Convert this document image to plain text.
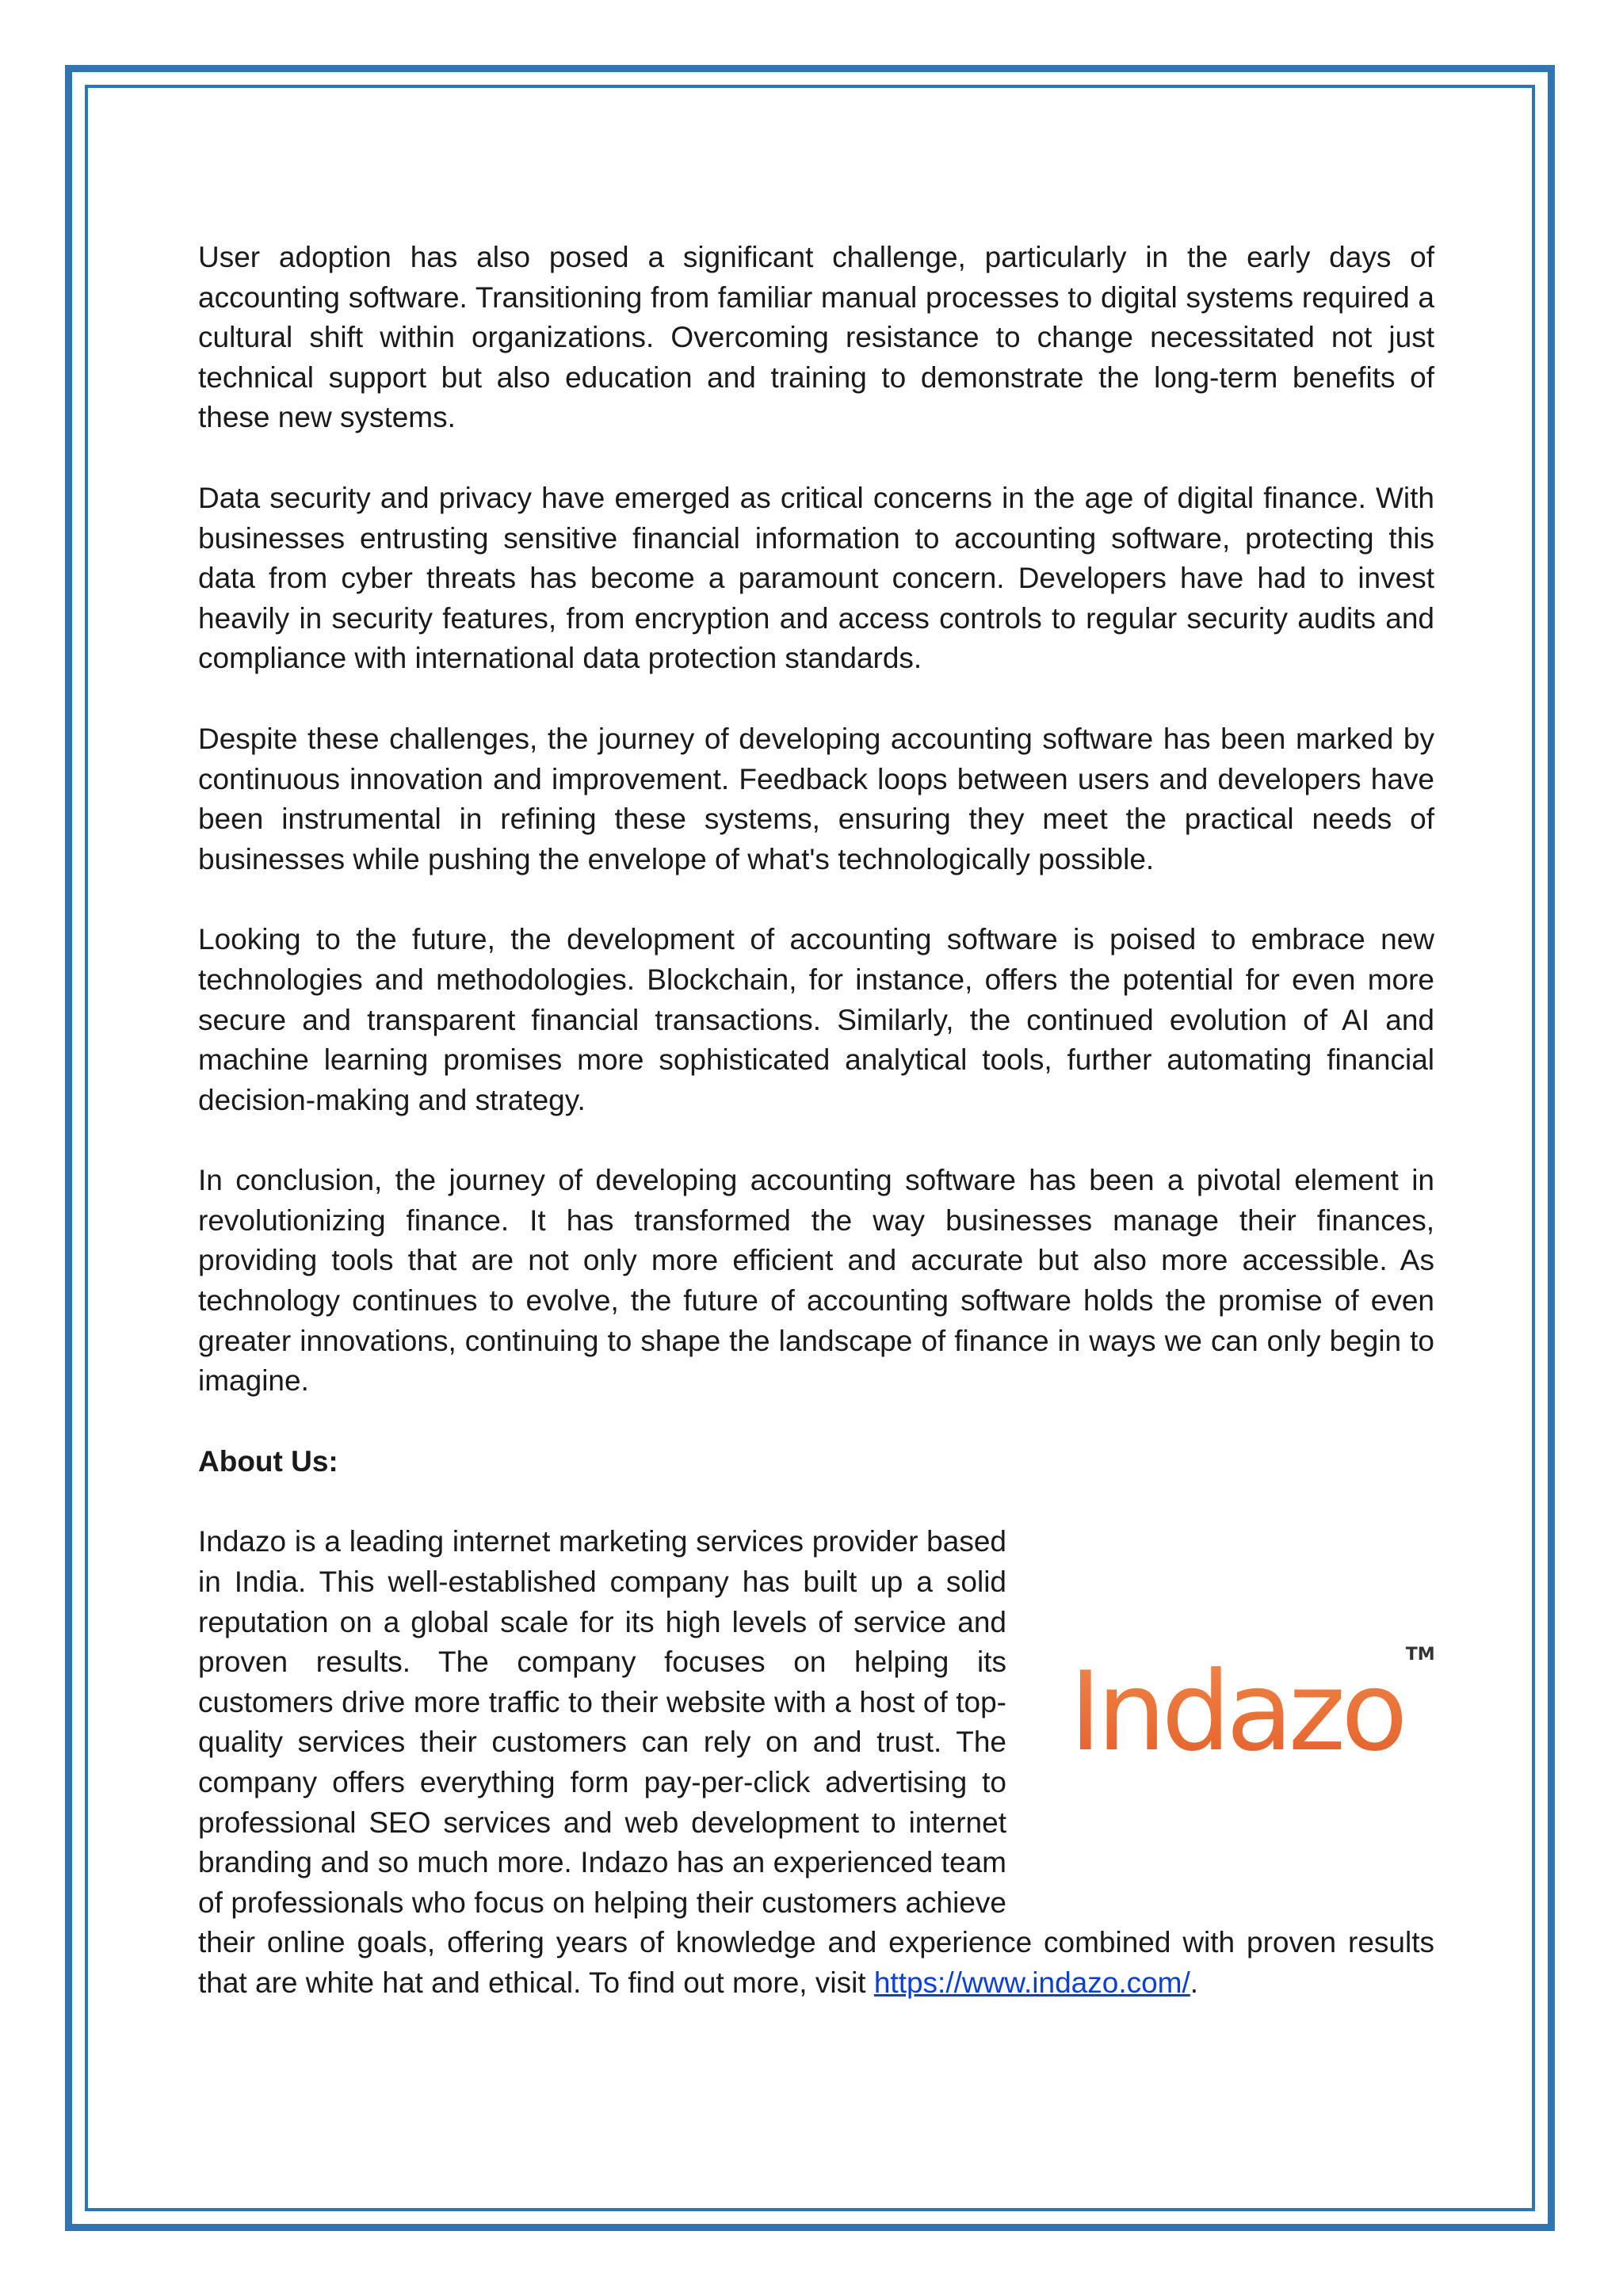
User adoption has also posed a significant challenge, particularly in the early days of accounting software. Transitioning from familiar manual processes to digital systems required a cultural shift within organizations. Overcoming resistance to change necessitated not just technical support but also education and training to demonstrate the long-term benefits of these new systems.

Data security and privacy have emerged as critical concerns in the age of digital finance. With businesses entrusting sensitive financial information to accounting software, protecting this data from cyber threats has become a paramount concern. Developers have had to invest heavily in security features, from encryption and access controls to regular security audits and compliance with international data protection standards.

Despite these challenges, the journey of developing accounting software has been marked by continuous innovation and improvement. Feedback loops between users and developers have been instrumental in refining these systems, ensuring they meet the practical needs of businesses while pushing the envelope of what's technologically possible.

Looking to the future, the development of accounting software is poised to embrace new technologies and methodologies. Blockchain, for instance, offers the potential for even more secure and transparent financial transactions. Similarly, the continued evolution of AI and machine learning promises more sophisticated analytical tools, further automating financial decision-making and strategy.

In conclusion, the journey of developing accounting software has been a pivotal element in revolutionizing finance. It has transformed the way businesses manage their finances, providing tools that are not only more efficient and accurate but also more accessible. As technology continues to evolve, the future of accounting software holds the promise of even greater innovations, continuing to shape the landscape of finance in ways we can only begin to imagine.

About Us:
Indazo TM

Indazo is a leading internet marketing services provider based in India. This well-established company has built up a solid reputation on a global scale for its high levels of service and proven results. The company focuses on helping its customers drive more traffic to their website with a host of top-quality services their customers can rely on and trust. The company offers everything form pay-per-click advertising to professional SEO services and web development to internet branding and so much more. Indazo has an experienced team of professionals who focus on helping their customers achieve their online goals, offering years of knowledge and experience combined with proven results that are white hat and ethical. To find out more, visit https://www.indazo.com/.
